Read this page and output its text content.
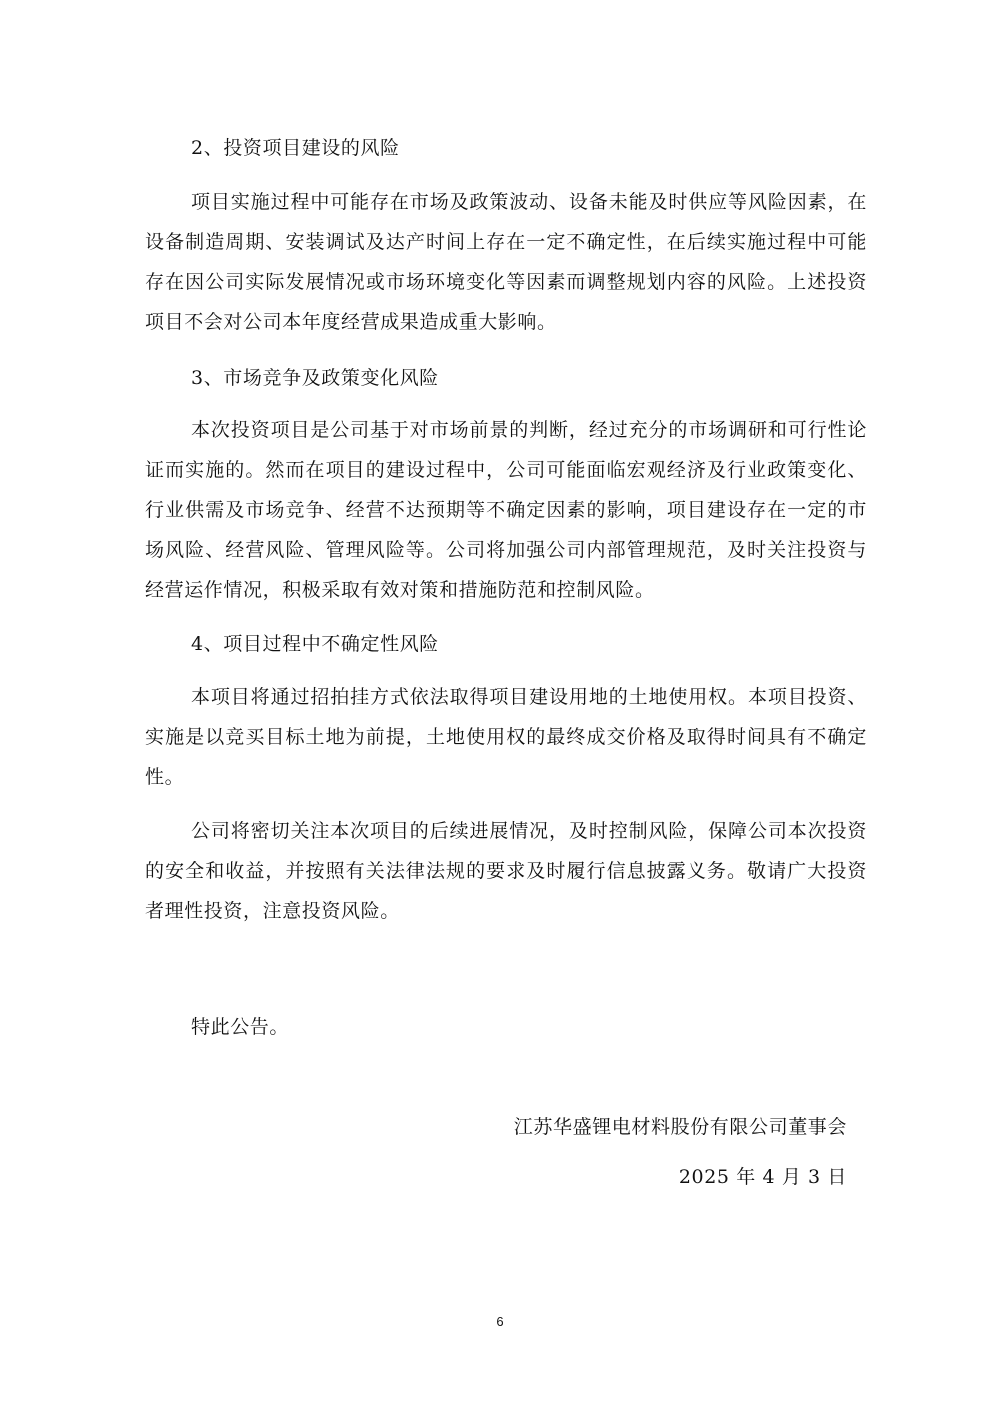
2、投资项目建设的风险
项目实施过程中可能存在市场及政策波动、设备未能及时供应等风险因素，在设备制造周期、安装调试及达产时间上存在一定不确定性，在后续实施过程中可能存在因公司实际发展情况或市场环境变化等因素而调整规划内容的风险。上述投资项目不会对公司本年度经营成果造成重大影响。
3、市场竞争及政策变化风险
本次投资项目是公司基于对市场前景的判断，经过充分的市场调研和可行性论证而实施的。然而在项目的建设过程中，公司可能面临宏观经济及行业政策变化、行业供需及市场竞争、经营不达预期等不确定因素的影响，项目建设存在一定的市场风险、经营风险、管理风险等。公司将加强公司内部管理规范，及时关注投资与经营运作情况，积极采取有效对策和措施防范和控制风险。
4、项目过程中不确定性风险
本项目将通过招拍挂方式依法取得项目建设用地的土地使用权。本项目投资、实施是以竞买目标土地为前提，土地使用权的最终成交价格及取得时间具有不确定性。
公司将密切关注本次项目的后续进展情况，及时控制风险，保障公司本次投资的安全和收益，并按照有关法律法规的要求及时履行信息披露义务。敬请广大投资者理性投资，注意投资风险。
特此公告。
江苏华盛锂电材料股份有限公司董事会
2025 年 4 月 3 日
6
